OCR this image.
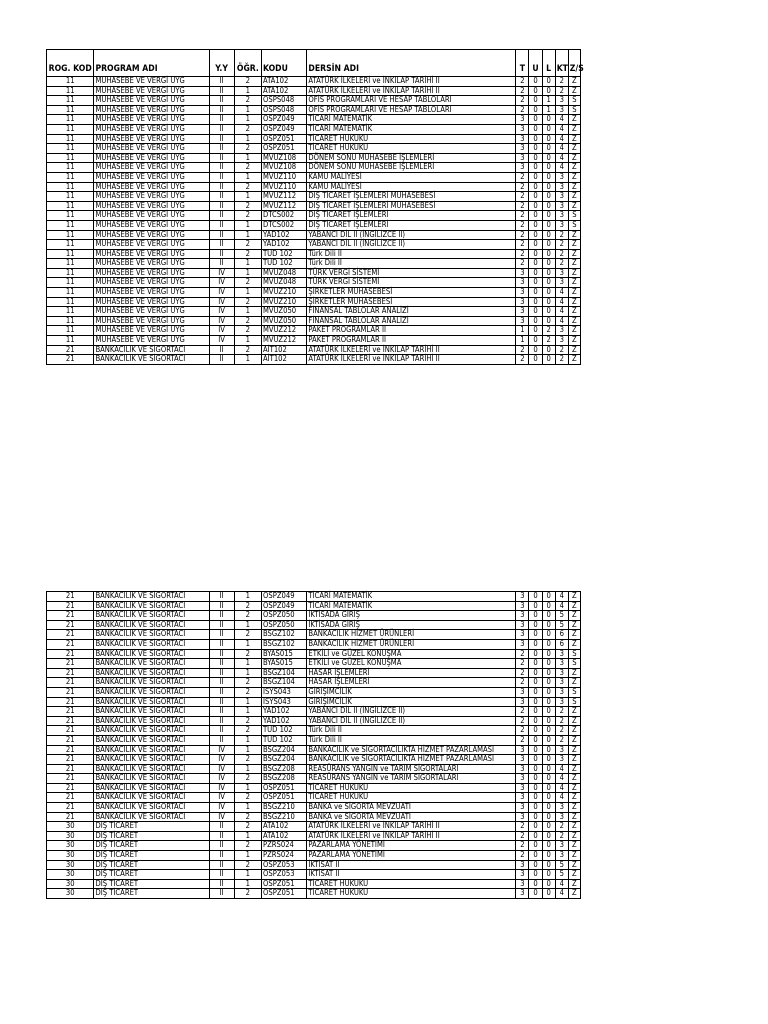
ROG. KOD	PROGRAM ADI	Y.Y	ÖĞR.	KODU	DERSİN ADI	T	U	L	KT	Z/S
11	MUHASEBE VE VERGİ UYG	II	2	ATA102	ATATÜRK İLKELERİ ve İNKILAP TARİHİ II	2	0	0	2	Z
11	MUHASEBE VE VERGİ UYG	II	1	ATA102	ATATÜRK İLKELERİ ve İNKILAP TARİHİ II	2	0	0	2	Z
11	MUHASEBE VE VERGİ UYG	II	2	OSPS048	OFİS PROGRAMLARI VE HESAP TABLOLARI	2	0	1	3	S
11	MUHASEBE VE VERGİ UYG	II	1	OSPS048	OFİS PROGRAMLARI VE HESAP TABLOLARI	2	0	1	3	S
11	MUHASEBE VE VERGİ UYG	II	1	OSPZ049	TİCARİ MATEMATİK	3	0	0	4	Z
11	MUHASEBE VE VERGİ UYG	II	2	OSPZ049	TİCARİ MATEMATİK	3	0	0	4	Z
11	MUHASEBE VE VERGİ UYG	II	1	OSPZ051	TİCARET HUKUKU	3	0	0	4	Z
11	MUHASEBE VE VERGİ UYG	II	2	OSPZ051	TİCARET HUKUKU	3	0	0	4	Z
11	MUHASEBE VE VERGİ UYG	II	1	MVUZ108	DÖNEM SONU MUHASEBE İŞLEMLERİ	3	0	0	4	Z
11	MUHASEBE VE VERGİ UYG	II	2	MVUZ108	DÖNEM SONU MUHASEBE İŞLEMLERİ	3	0	0	4	Z
11	MUHASEBE VE VERGİ UYG	II	1	MVUZ110	KAMU MALİYESİ	2	0	0	3	Z
11	MUHASEBE VE VERGİ UYG	II	2	MVUZ110	KAMU MALİYESİ	2	0	0	3	Z
11	MUHASEBE VE VERGİ UYG	II	1	MVUZ112	DIŞ TİCARET İŞLEMLERİ MUHASEBESİ	2	0	0	3	Z
11	MUHASEBE VE VERGİ UYG	II	2	MVUZ112	DIŞ TİCARET İŞLEMLERİ MUHASEBESİ	2	0	0	3	Z
11	MUHASEBE VE VERGİ UYG	II	2	DTCS002	DIŞ TİCARET İŞLEMLERİ	2	0	0	3	S
11	MUHASEBE VE VERGİ UYG	II	1	DTCS002	DIŞ TİCARET İŞLEMLERİ	2	0	0	3	S
11	MUHASEBE VE VERGİ UYG	II	1	YAD102	YABANCI DİL II (İNGİLİZCE II)	2	0	0	2	Z
11	MUHASEBE VE VERGİ UYG	II	2	YAD102	YABANCI DİL II (İNGİLİZCE II)	2	0	0	2	Z
11	MUHASEBE VE VERGİ UYG	II	2	TUD 102	Türk Dili II	2	0	0	2	Z
11	MUHASEBE VE VERGİ UYG	II	1	TUD 102	Türk Dili II	2	0	0	2	Z
11	MUHASEBE VE VERGİ UYG	IV	1	MVUZ048	TÜRK VERGİ SİSTEMİ	3	0	0	3	Z
11	MUHASEBE VE VERGİ UYG	IV	2	MVUZ048	TÜRK VERGİ SİSTEMİ	3	0	0	3	Z
11	MUHASEBE VE VERGİ UYG	IV	1	MVUZ210	ŞİRKETLER MUHASEBESİ	3	0	0	4	Z
11	MUHASEBE VE VERGİ UYG	IV	2	MVUZ210	ŞİRKETLER MUHASEBESİ	3	0	0	4	Z
11	MUHASEBE VE VERGİ UYG	IV	1	MVUZ050	FİNANSAL TABLOLAR ANALİZİ	3	0	0	4	Z
11	MUHASEBE VE VERGİ UYG	IV	2	MVUZ050	FİNANSAL TABLOLAR ANALİZİ	3	0	0	4	Z
11	MUHASEBE VE VERGİ UYG	IV	2	MVUZ212	PAKET PROGRAMLAR II	1	0	2	3	Z
11	MUHASEBE VE VERGİ UYG	IV	1	MVUZ212	PAKET PROGRAMLAR II	1	0	2	3	Z
21	BANKACILIK VE SİGORTACI	II	2	AİT102	ATATÜRK İLKELERİ ve İNKILAP TARİHİ II	2	0	0	2	Z
21	BANKACILIK VE SİGORTACI	II	1	AİT102	ATATÜRK İLKELERİ ve İNKILAP TARİHİ II	2	0	0	2	Z
21	BANKACILIK VE SİGORTACI	II	1	OSPZ049	TİCARİ MATEMATİK	3	0	0	4	Z
21	BANKACILIK VE SİGORTACI	II	2	OSPZ049	TİCARİ MATEMATİK	3	0	0	4	Z
21	BANKACILIK VE SİGORTACI	II	2	OSPZ050	İKTİSADA GİRİŞ	3	0	0	5	Z
21	BANKACILIK VE SİGORTACI	II	1	OSPZ050	İKTİSADA GİRİŞ	3	0	0	5	Z
21	BANKACILIK VE SİGORTACI	II	2	BSGZ102	BANKACILIK HİZMET ÜRÜNLERİ	3	0	0	6	Z
21	BANKACILIK VE SİGORTACI	II	1	BSGZ102	BANKACILIK HİZMET ÜRÜNLERİ	3	0	0	6	Z
21	BANKACILIK VE SİGORTACI	II	2	BYAS015	ETKİLİ ve GÜZEL KONUŞMA	2	0	0	3	S
21	BANKACILIK VE SİGORTACI	II	1	BYAS015	ETKİLİ ve GÜZEL KONUŞMA	2	0	0	3	S
21	BANKACILIK VE SİGORTACI	II	1	BSGZ104	HASAR İŞLEMLERİ	2	0	0	3	Z
21	BANKACILIK VE SİGORTACI	II	2	BSGZ104	HASAR İŞLEMLERİ	2	0	0	3	Z
21	BANKACILIK VE SİGORTACI	II	2	ISYS043	GİRİŞİMCİLİK	3	0	0	3	S
21	BANKACILIK VE SİGORTACI	II	1	ISYS043	GİRİŞİMCİLİK	3	0	0	3	S
21	BANKACILIK VE SİGORTACI	II	1	YAD102	YABANCI DİL II (İNGİLİZCE II)	2	0	0	2	Z
21	BANKACILIK VE SİGORTACI	II	2	YAD102	YABANCI DİL II (İNGİLİZCE II)	2	0	0	2	Z
21	BANKACILIK VE SİGORTACI	II	2	TUD 102	Türk Dili II	2	0	0	2	Z
21	BANKACILIK VE SİGORTACI	II	1	TUD 102	Türk Dili II	2	0	0	2	Z
21	BANKACILIK VE SİGORTACI	IV	1	BSGZ204	BANKACILIK ve SİGORTACILIKTA HİZMET PAZARLAMASI	3	0	0	3	Z
21	BANKACILIK VE SİGORTACI	IV	2	BSGZ204	BANKACILIK ve SİGORTACILIKTA HİZMET PAZARLAMASI	3	0	0	3	Z
21	BANKACILIK VE SİGORTACI	IV	1	BSGZ208	REASÜRANS YANGIN ve TARIM SİGORTALARI	3	0	0	4	Z
21	BANKACILIK VE SİGORTACI	IV	2	BSGZ208	REASÜRANS YANGIN ve TARIM SİGORTALARI	3	0	0	4	Z
21	BANKACILIK VE SİGORTACI	IV	1	OSPZ051	TİCARET HUKUKU	3	0	0	4	Z
21	BANKACILIK VE SİGORTACI	IV	2	OSPZ051	TİCARET HUKUKU	3	0	0	4	Z
21	BANKACILIK VE SİGORTACI	IV	1	BSGZ210	BANKA ve SİGORTA MEVZUATI	3	0	0	3	Z
21	BANKACILIK VE SİGORTACI	IV	2	BSGZ210	BANKA ve SİGORTA MEVZUATI	3	0	0	3	Z
30	DIŞ TİCARET	II	2	ATA102	ATATÜRK İLKELERİ ve İNKILAP TARİHİ II	2	0	0	2	Z
30	DIŞ TİCARET	II	1	ATA102	ATATÜRK İLKELERİ ve İNKILAP TARİHİ II	2	0	0	2	Z
30	DIŞ TİCARET	II	2	PZRS024	PAZARLAMA YÖNETİMİ	2	0	0	3	Z
30	DIŞ TİCARET	II	1	PZRS024	PAZARLAMA YÖNETİMİ	2	0	0	3	Z
30	DIŞ TİCARET	II	2	OSPZ053	İKTİSAT II	3	0	0	5	Z
30	DIŞ TİCARET	II	1	OSPZ053	İKTİSAT II	3	0	0	5	Z
30	DIŞ TİCARET	II	1	OSPZ051	TİCARET HUKUKU	3	0	0	4	Z
30	DIŞ TİCARET	II	2	OSPZ051	TİCARET HUKUKU	3	0	0	4	Z
